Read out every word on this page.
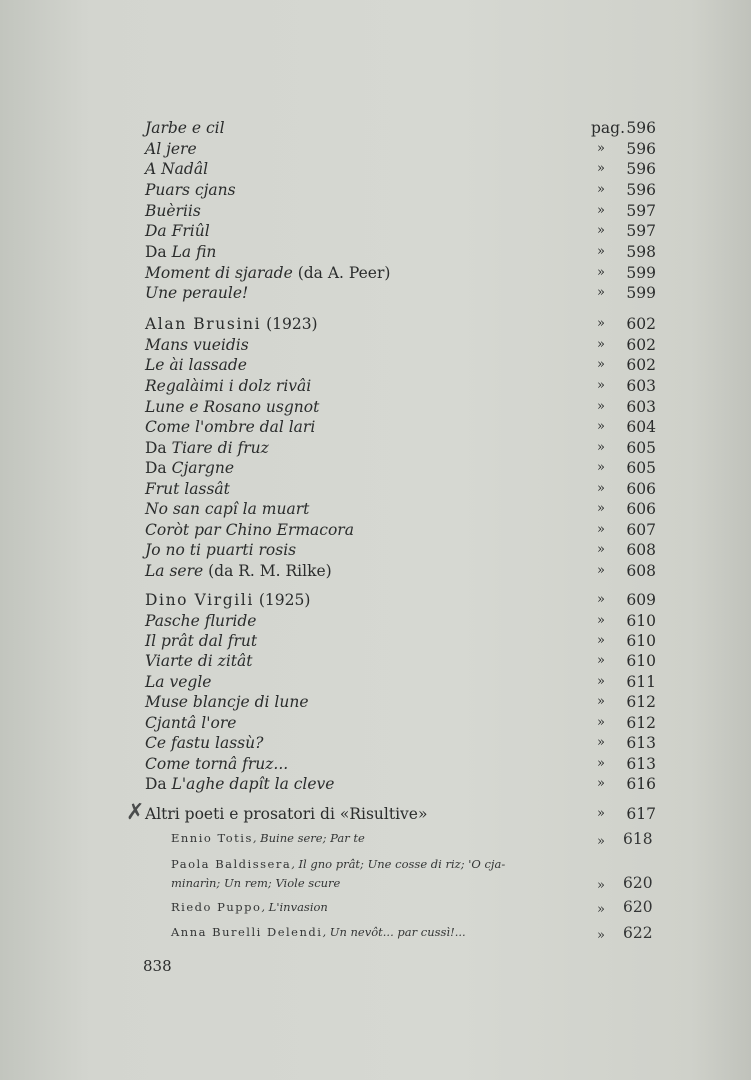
Jarbe e cil	pag. 596
Al jere	» 596
A Nadâl	» 596
Puars cjans	» 596
Buèriis	» 597
Da Friûl	» 597
Da La fin	» 598
Moment di sjarade (da A. Peer)	» 599
Une peraule!	» 599
Alan Brusini (1923)	» 602
Mans vueidis	» 602
Le ài lassade	» 602
Regalàimi i dolz rivâi	» 603
Lune e Rosano usgnot	» 603
Come l'ombre dal lari	» 604
Da Tiare di fruz	» 605
Da Cjargne	» 605
Frut lassât	» 606
No san capî la muart	» 606
Coròt par Chino Ermacora	» 607
Jo no ti puarti rosis	» 608
La sere (da R. M. Rilke)	» 608
Dino Virgili (1925)	» 609
Pasche fluride	» 610
Il prât dal frut	» 610
Viarte di zitât	» 610
La vegle	» 611
Muse blancje di lune	» 612
Cjantâ l'ore	» 612
Ce fastu lassù?	» 613
Come tornâ fruz...	» 613
Da L'aghe dapît la cleve	» 616
✗ Altri poeti e prosatori di «Risultive»	» 617
Ennio Totis, Buine sere; Par te	» 618
Paola Baldissera, Il gno prât; Une cosse di riz; 'O cja-
minarìn; Un rem; Viole scure	» 620
Riedo Puppo, L'invasion	» 620
Anna Burelli Delendi, Un nevôt... par cussì!...	» 622
838
